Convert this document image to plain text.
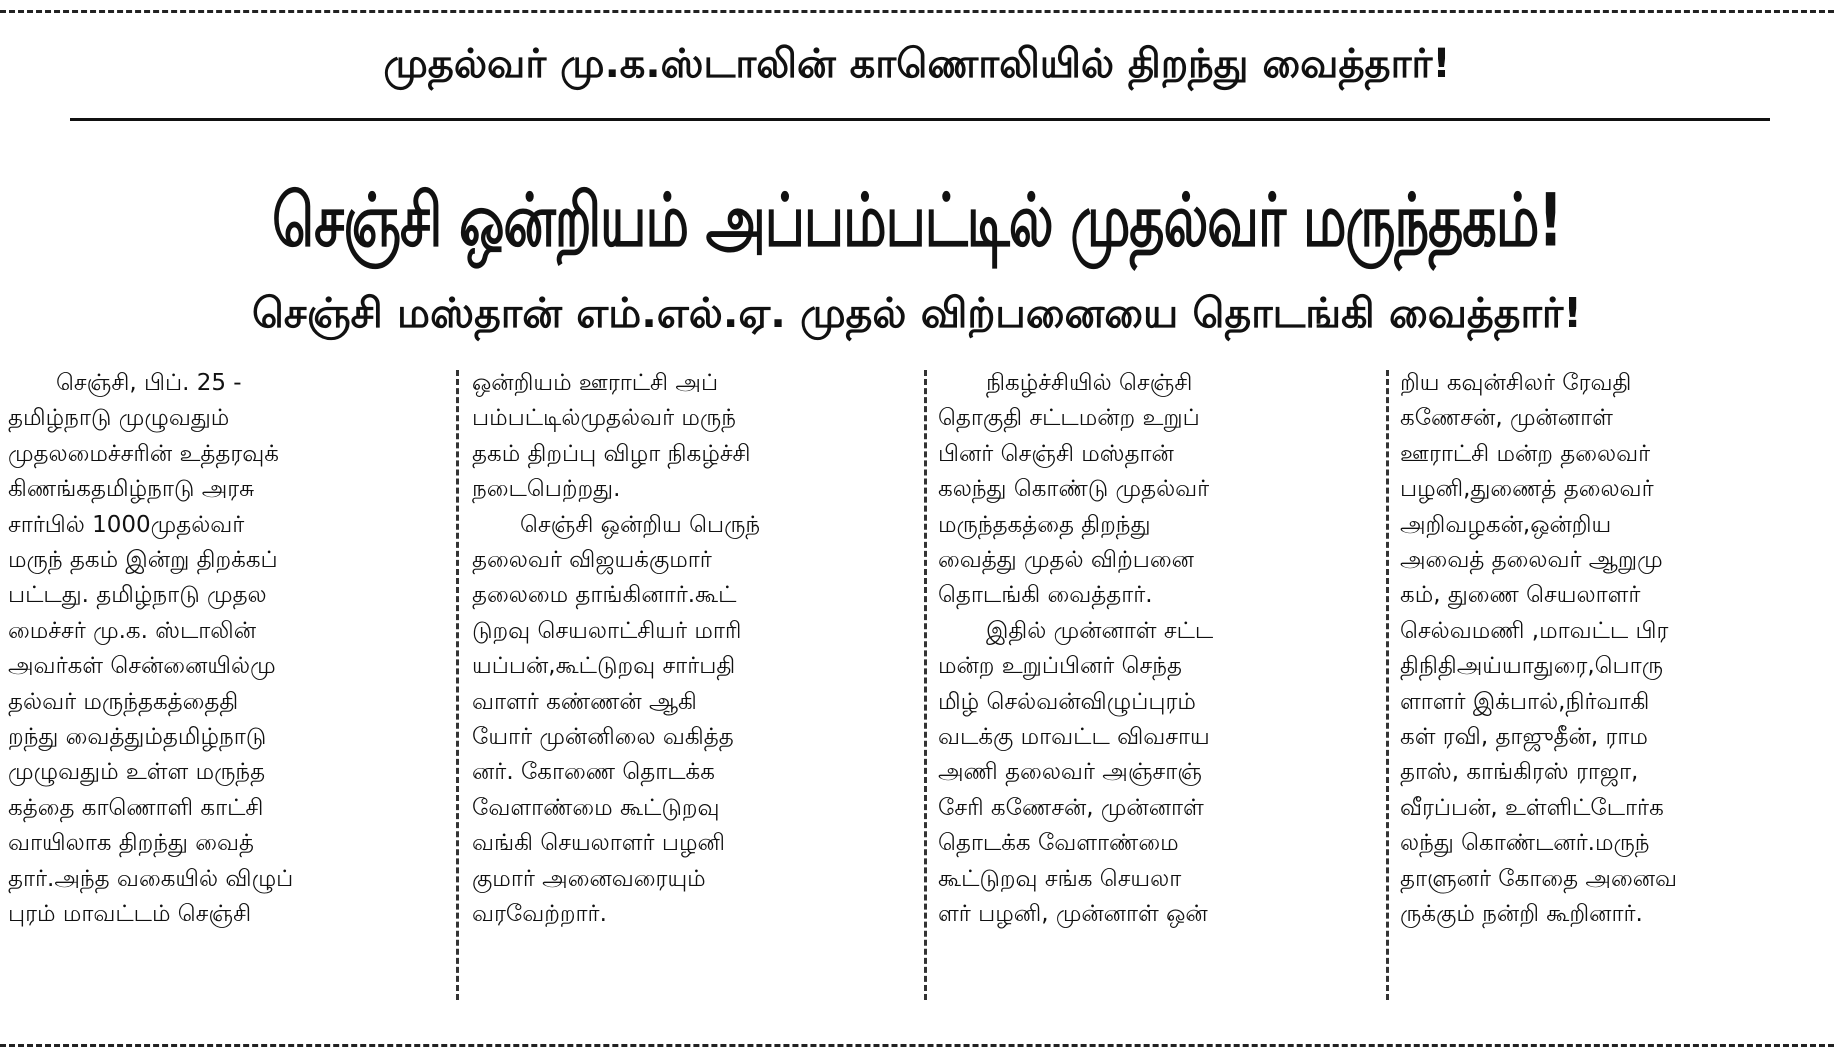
முதல்வர் மு.க.ஸ்டாலின் காணொலியில் திறந்து வைத்தார்!
செஞ்சி ஒன்றியம் அப்பம்பட்டில் முதல்வர் மருந்தகம்!
செஞ்சி மஸ்தான் எம்.எல்.ஏ. முதல் விற்பனையை தொடங்கி வைத்தார்!
செஞ்சி, பிப். 25 -
தமிழ்நாடு முழுவதும்
முதலமைச்சரின் உத்தரவுக்
கிணங்கதமிழ்நாடு அரசு
சார்பில் 1000முதல்வர்
மருந் தகம் இன்று திறக்கப்
பட்டது. தமிழ்நாடு முதல
மைச்சர் மு.க. ஸ்டாலின்
அவர்கள் சென்னையில்மு
தல்வர் மருந்தகத்தைதி
றந்து வைத்தும்தமிழ்நாடு
முழுவதும் உள்ள மருந்த
கத்தை காணொளி காட்சி
வாயிலாக திறந்து வைத்
தார்.அந்த வகையில் விழுப்
புரம் மாவட்டம் செஞ்சி
ஒன்றியம் ஊராட்சி அப்
பம்பட்டில்முதல்வர் மருந்
தகம் திறப்பு விழா நிகழ்ச்சி
நடைபெற்றது.
செஞ்சி ஒன்றிய பெருந்
தலைவர் விஜயக்குமார்
தலைமை தாங்கினார்.கூட்
டுறவு செயலாட்சியர் மாரி
யப்பன்,கூட்டுறவு சார்பதி
வாளர் கண்ணன் ஆகி
யோர் முன்னிலை வகித்த
னர். கோணை தொடக்க
வேளாண்மை கூட்டுறவு
வங்கி செயலாளர் பழனி
குமார் அனைவரையும்
வரவேற்றார்.
நிகழ்ச்சியில் செஞ்சி
தொகுதி சட்டமன்ற உறுப்
பினர் செஞ்சி மஸ்தான்
கலந்து கொண்டு முதல்வர்
மருந்தகத்தை திறந்து
வைத்து முதல் விற்பனை
தொடங்கி வைத்தார்.
இதில் முன்னாள் சட்ட
மன்ற உறுப்பினர் செந்த
மிழ் செல்வன்விழுப்புரம்
வடக்கு மாவட்ட விவசாய
அணி தலைவர் அஞ்சாஞ்
சேரி கணேசன், முன்னாள்
தொடக்க வேளாண்மை
கூட்டுறவு சங்க செயலா
ளர் பழனி, முன்னாள் ஒன்
றிய கவுன்சிலர் ரேவதி
கணேசன், முன்னாள்
ஊராட்சி மன்ற தலைவர்
பழனி,துணைத் தலைவர்
அறிவழகன்,ஒன்றிய
அவைத் தலைவர் ஆறுமு
கம், துணை செயலாளர்
செல்வமணி ,மாவட்ட பிர
திநிதிஅய்யாதுரை,பொரு
ளாளர் இக்பால்,நிர்வாகி
கள் ரவி, தாஜுதீன், ராம
தாஸ், காங்கிரஸ் ராஜா,
வீரப்பன், உள்ளிட்டோர்க
லந்து கொண்டனர்.மருந்
தாளுனர் கோதை அனைவ
ருக்கும் நன்றி கூறினார்.
